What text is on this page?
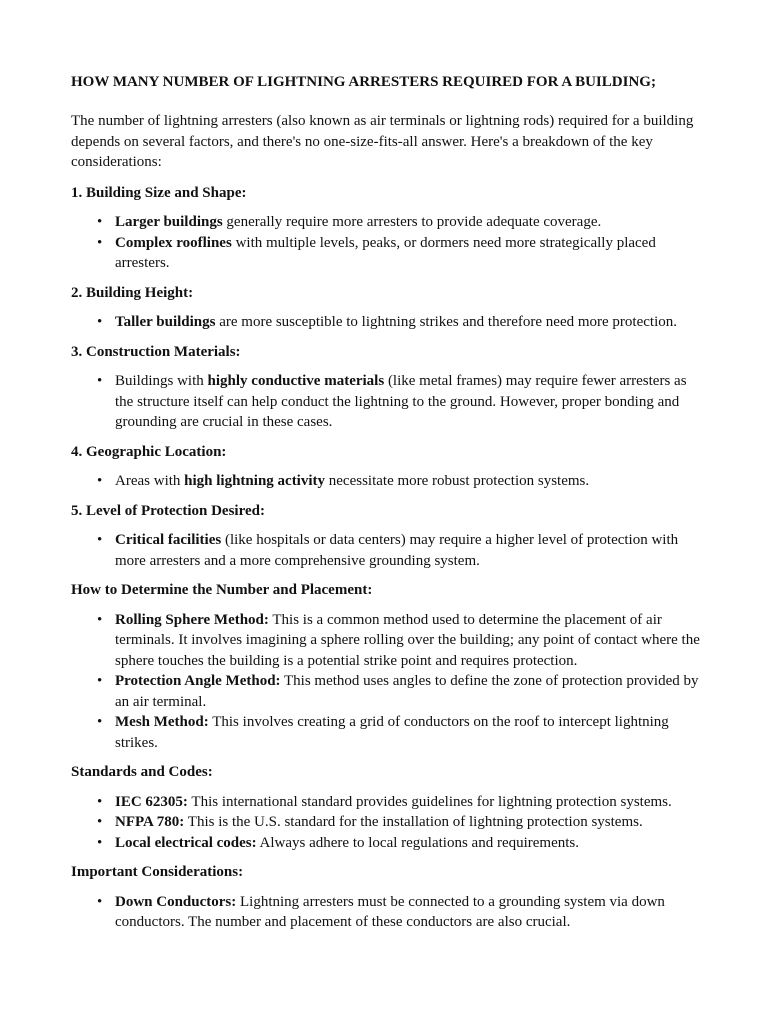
HOW MANY NUMBER OF LIGHTNING ARRESTERS REQUIRED FOR A BUILDING;

The number of lightning arresters (also known as air terminals or lightning rods) required for a building depends on several factors, and there's no one-size-fits-all answer. Here's a breakdown of the key considerations:

1. Building Size and Shape:
• Larger buildings generally require more arresters to provide adequate coverage.
• Complex rooflines with multiple levels, peaks, or dormers need more strategically placed arresters.
2. Building Height:
• Taller buildings are more susceptible to lightning strikes and therefore need more protection.
3. Construction Materials:
• Buildings with highly conductive materials (like metal frames) may require fewer arresters as the structure itself can help conduct the lightning to the ground. However, proper bonding and grounding are crucial in these cases.
4. Geographic Location:
• Areas with high lightning activity necessitate more robust protection systems.
5. Level of Protection Desired:
• Critical facilities (like hospitals or data centers) may require a higher level of protection with more arresters and a more comprehensive grounding system.
How to Determine the Number and Placement:
• Rolling Sphere Method: This is a common method used to determine the placement of air terminals. It involves imagining a sphere rolling over the building; any point of contact where the sphere touches the building is a potential strike point and requires protection.
• Protection Angle Method: This method uses angles to define the zone of protection provided by an air terminal.
• Mesh Method: This involves creating a grid of conductors on the roof to intercept lightning strikes.
Standards and Codes:
• IEC 62305: This international standard provides guidelines for lightning protection systems.
• NFPA 780: This is the U.S. standard for the installation of lightning protection systems.
• Local electrical codes: Always adhere to local regulations and requirements.
Important Considerations:
• Down Conductors: Lightning arresters must be connected to a grounding system via down conductors. The number and placement of these conductors are also crucial.
